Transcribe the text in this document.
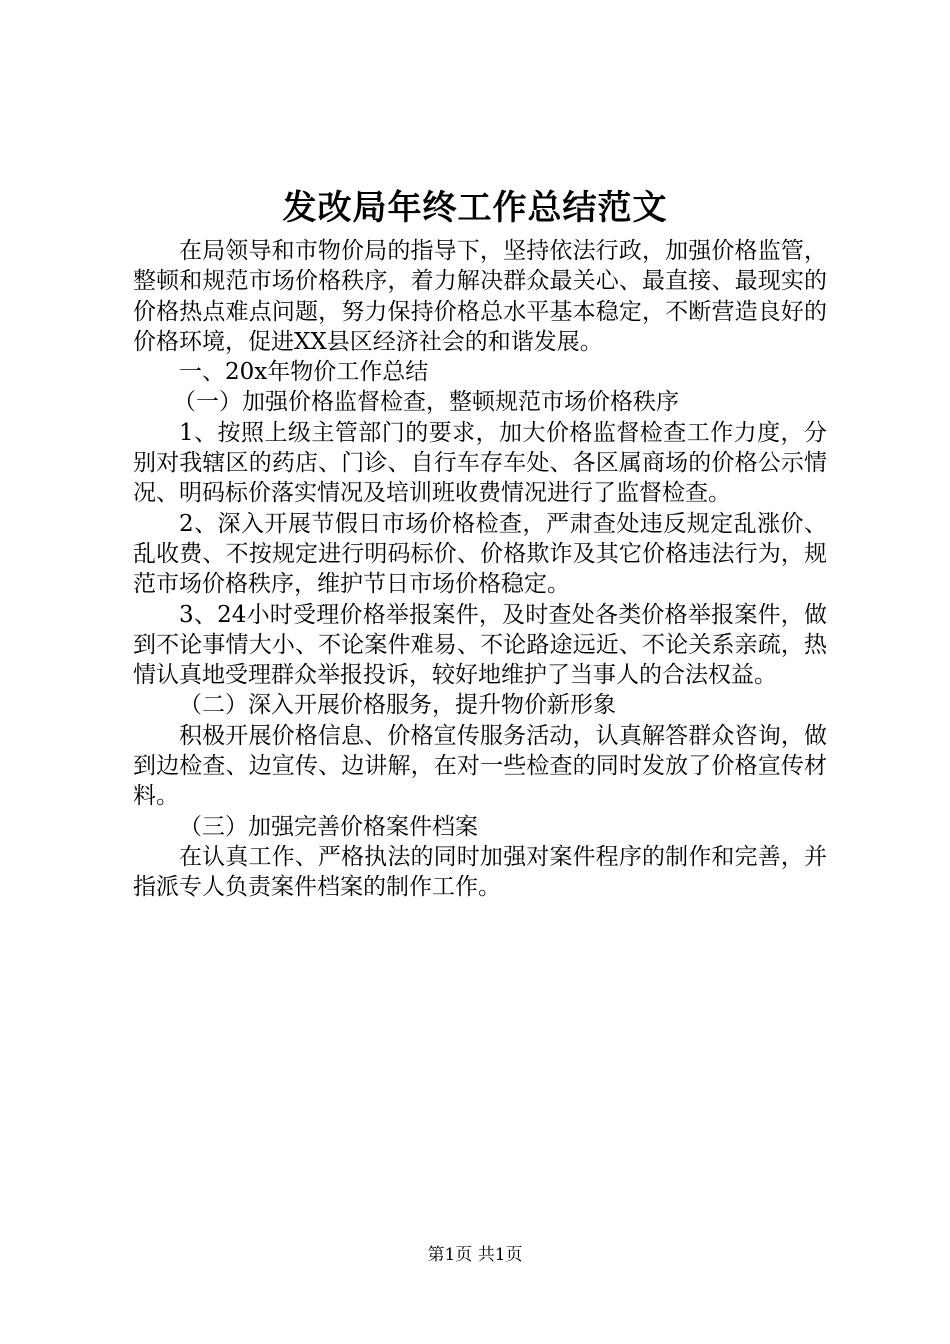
发改局年终工作总结范文

在局领导和市物价局的指导下，坚持依法行政，加强价格监管，整顿和规范市场价格秩序，着力解决群众最关心、最直接、最现实的价格热点难点问题，努力保持价格总水平基本稳定，不断营造良好的价格环境，促进XX县区经济社会的和谐发展。

一、20x年物价工作总结

（一）加强价格监督检查，整顿规范市场价格秩序

1、按照上级主管部门的要求，加大价格监督检查工作力度，分别对我辖区的药店、门诊、自行车存车处、各区属商场的价格公示情况、明码标价落实情况及培训班收费情况进行了监督检查。

2、深入开展节假日市场价格检查，严肃查处违反规定乱涨价、乱收费、不按规定进行明码标价、价格欺诈及其它价格违法行为，规范市场价格秩序，维护节日市场价格稳定。

3、24小时受理价格举报案件，及时查处各类价格举报案件，做到不论事情大小、不论案件难易、不论路途远近、不论关系亲疏，热情认真地受理群众举报投诉，较好地维护了当事人的合法权益。

（二）深入开展价格服务，提升物价新形象

积极开展价格信息、价格宣传服务活动，认真解答群众咨询，做到边检查、边宣传、边讲解，在对一些检查的同时发放了价格宣传材料。

（三）加强完善价格案件档案

在认真工作、严格执法的同时加强对案件程序的制作和完善，并指派专人负责案件档案的制作工作。

第1页 共1页
